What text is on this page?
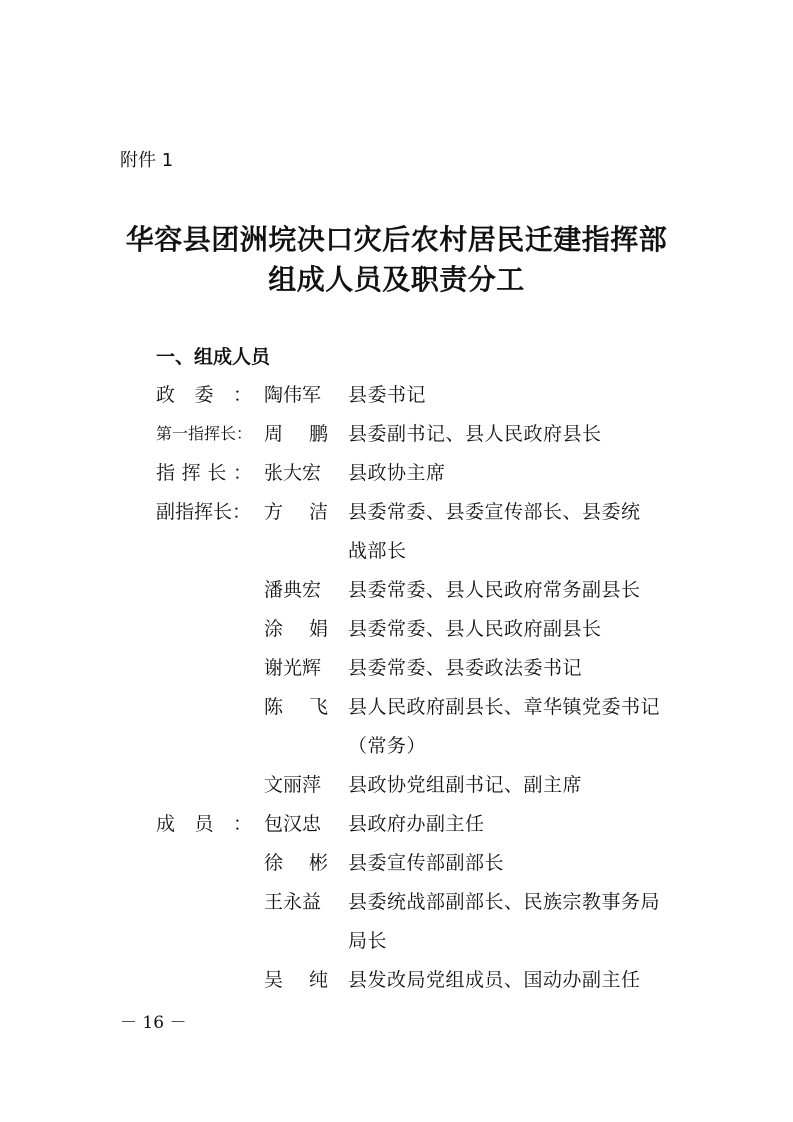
附件 1
华容县团洲垸决口灾后农村居民迁建指挥部
组成人员及职责分工
一、组成人员
政 委 ： 陶伟军	县委书记
第一指挥长： 周 鹏 县委副书记、县人民政府县长
指 挥 长 ： 张大宏	县政协主席
副指挥长： 方 洁 县委常委、县委宣传部长、县委统
战部长
潘典宏	县委常委、县人民政府常务副县长
涂 娟 县委常委、县人民政府副县长
谢光辉	县委常委、县委政法委书记
陈 飞 县人民政府副县长、章华镇党委书记
（常务）
文丽萍	县政协党组副书记、副主席
成 员 ： 包汉忠	县政府办副主任
徐 彬 县委宣传部副部长
王永益	县委统战部副部长、民族宗教事务局
局长
吴 纯 县发改局党组成员、国动办副主任
－ 16 －
